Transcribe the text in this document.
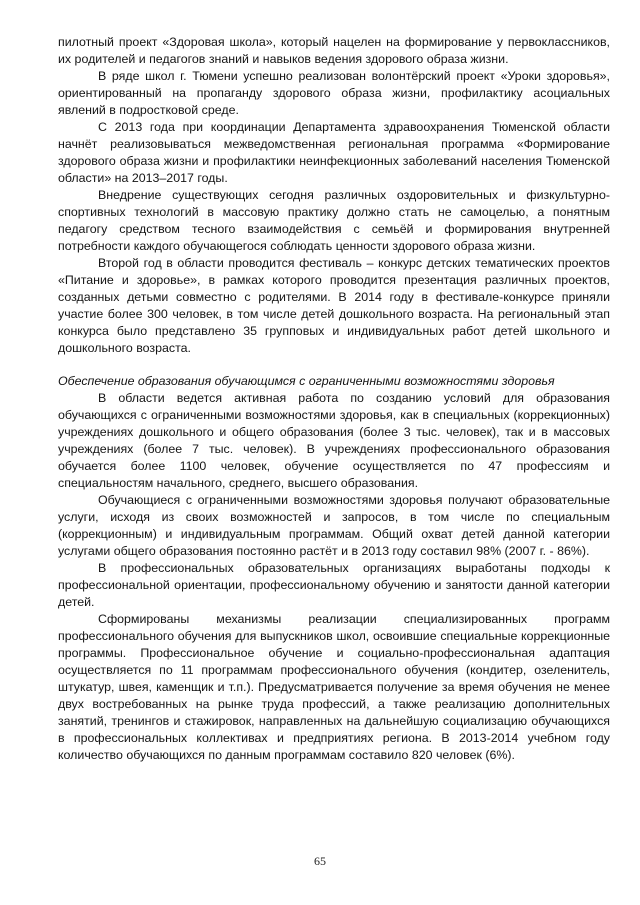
пилотный проект «Здоровая школа», который нацелен на формирование у первоклассников, их родителей и педагогов знаний и навыков ведения здорового образа жизни.

В ряде школ г. Тюмени успешно реализован волонтёрский проект «Уроки здоровья», ориентированный на пропаганду здорового образа жизни, профилактику асоциальных явлений в подростковой среде.

С 2013 года при координации Департамента здравоохранения Тюменской области начнёт реализовываться межведомственная региональная программа «Формирование здорового образа жизни и профилактики неинфекционных заболеваний населения Тюменской области» на 2013–2017 годы.

Внедрение существующих сегодня различных оздоровительных и физкультурно-спортивных технологий в массовую практику должно стать не самоцелью, а понятным педагогу средством тесного взаимодействия с семьёй и формирования внутренней потребности каждого обучающегося соблюдать ценности здорового образа жизни.

Второй год в области проводится фестиваль – конкурс детских тематических проектов «Питание и здоровье», в рамках которого проводится презентация различных проектов, созданных детьми совместно с родителями. В 2014 году в фестивале-конкурсе приняли участие более 300 человек, в том числе детей дошкольного возраста. На региональный этап конкурса было представлено 35 групповых и индивидуальных работ детей школьного и дошкольного возраста.

Обеспечение образования обучающимся с ограниченными возможностями здоровья

В области ведется активная работа по созданию условий для образования обучающихся с ограниченными возможностями здоровья, как в специальных (коррекционных) учреждениях дошкольного и общего образования (более 3 тыс. человек), так и в массовых учреждениях (более 7 тыс. человек). В учреждениях профессионального образования обучается более 1100 человек, обучение осуществляется по 47 профессиям и специальностям начального, среднего, высшего образования.

Обучающиеся с ограниченными возможностями здоровья получают образовательные услуги, исходя из своих возможностей и запросов, в том числе по специальным (коррекционным) и индивидуальным программам. Общий охват детей данной категории услугами общего образования постоянно растёт и в 2013 году составил 98% (2007 г. - 86%).

В профессиональных образовательных организациях выработаны подходы к профессиональной ориентации, профессиональному обучению и занятости данной категории детей.

Сформированы механизмы реализации специализированных программ профессионального обучения для выпускников школ, освоившие специальные коррекционные программы. Профессиональное обучение и социально-профессиональная адаптация осуществляется по 11 программам профессионального обучения (кондитер, озеленитель, штукатур, швея, каменщик и т.п.). Предусматривается получение за время обучения не менее двух востребованных на рынке труда профессий, а также реализацию дополнительных занятий, тренингов и стажировок, направленных на дальнейшую социализацию обучающихся в профессиональных коллективах и предприятиях региона. В 2013-2014 учебном году количество обучающихся по данным программам составило 820 человек (6%).

65
